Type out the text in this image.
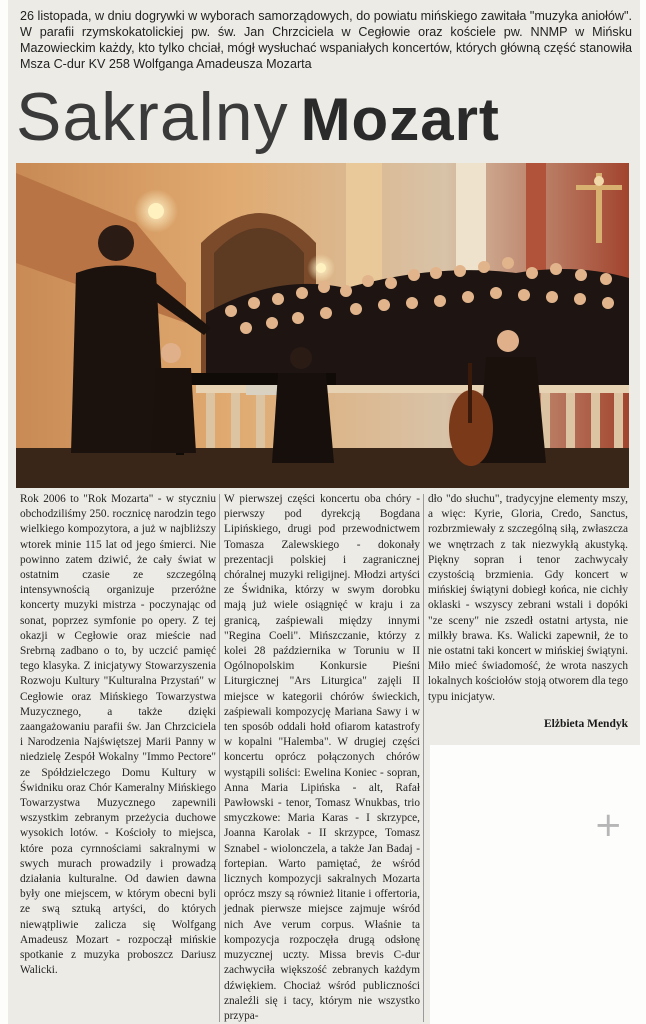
26 listopada, w dniu dogrywki w wyborach samorządowych, do powiatu mińskiego zawitała "muzyka aniołów". W parafii rzymskokatolickiej pw. św. Jan Chrzciciela w Cegłowie oraz kościele pw. NNMP w Mińsku Mazowieckim każdy, kto tylko chciał, mógł wysłuchać wspaniałych koncertów, których główną część stanowiła Msza C-dur KV 258 Wolfganga Amadeusza Mozarta

Sakralny Mozart

Rok 2006 to "Rok Mozarta" - w styczniu obchodziliśmy 250. rocznicę narodzin tego wielkiego kompozytora, a już w najbliższy wtorek minie 115 lat od jego śmierci. Nie powinno zatem dziwić, że cały świat w ostatnim czasie ze szczególną intensywnością organizuje przeróżne koncerty muzyki mistrza - poczynając od sonat, poprzez symfonie po opery. Z tej okazji w Cegłowie oraz mieście nad Srebrną zadbano o to, by uczcić pamięć tego klasyka. Z inicjatywy Stowarzyszenia Rozwoju Kultury "Kulturalna Przystań" w Cegłowie oraz Mińskiego Towarzystwa Muzycznego, a także dzięki zaangażowaniu parafii św. Jan Chrzciciela i Narodzenia Najświętszej Marii Panny w niedzielę Zespół Wokalny "Immo Pectore" ze Spółdzielczego Domu Kultury w Świdniku oraz Chór Kameralny Mińskiego Towarzystwa Muzycznego zapewnili wszystkim zebranym przeżycia duchowe wysokich lotów. - Kościoły to miejsca, które poza cyrnnościami sakralnymi w swych murach prowadzily i prowadzą działania kulturalne. Od dawien dawna były one miejscem, w którym obecni byli ze swą sztuką artyści, do których niewątpliwie zalicza się Wolfgang Amadeusz Mozart - rozpoczął mińskie spotkanie z muzyka proboszcz Dariusz Walicki.

W pierwszej części koncertu oba chóry - pierwszy pod dyrekcją Bogdana Lipińskiego, drugi pod przewodnictwem Tomasza Zalewskiego - dokonały prezentacji polskiej i zagranicznej chóralnej muzyki religijnej. Młodzi artyści ze Świdnika, którzy w swym dorobku mają już wiele osiągnięć w kraju i za granicą, zaśpiewali między innymi "Regina Coeli". Mińszczanie, którzy z kolei 28 października w Toruniu w II Ogólnopolskim Konkursie Pieśni Liturgicznej "Ars Liturgica" zajęli II miejsce w kategorii chórów świeckich, zaśpiewali kompozycję Mariana Sawy i w ten sposób oddali hołd ofiarom katastrofy w kopalni "Halemba". W drugiej części koncertu oprócz połączonych chórów wystąpili soliści: Ewelina Koniec - sopran, Anna Maria Lipińska - alt, Rafał Pawłowski - tenor, Tomasz Wnukbas, trio smyczkowe: Maria Karas - I skrzypce, Joanna Karolak - II skrzypce, Tomasz Sznabel - wiolonczela, a także Jan Badaj - fortepian. Warto pamiętać, że wśród licznych kompozycji sakralnych Mozarta oprócz mszy są również litanie i offertoria, jednak pierwsze miejsce zajmuje wśród nich Ave verum corpus. Właśnie ta kompozycja rozpoczęła drugą odsłonę muzycznej uczty. Missa brevis C-dur zachwyciła większość zebranych każdym dźwiękiem. Chociaż wśród publiczności znaleźli się i tacy, którym nie wszystko przypa-

dło "do słuchu", tradycyjne elementy mszy, a więc: Kyrie, Gloria, Credo, Sanctus, rozbrzmiewały z szczególną siłą, zwłaszcza we wnętrzach z tak niezwykłą akustyką. Piękny sopran i tenor zachwycały czystością brzmienia. Gdy koncert w mińskiej świątyni dobiegł końca, nie cichły oklaski - wszyscy zebrani wstali i dopóki "ze sceny" nie zszedł ostatni artysta, nie milkły brawa. Ks. Walicki zapewnił, że to nie ostatni taki koncert w mińskiej świątyni. Miło mieć świadomość, że wrota naszych lokalnych kościołów stoją otworem dla tego typu inicjatyw.

Elżbieta Mendyk
+
